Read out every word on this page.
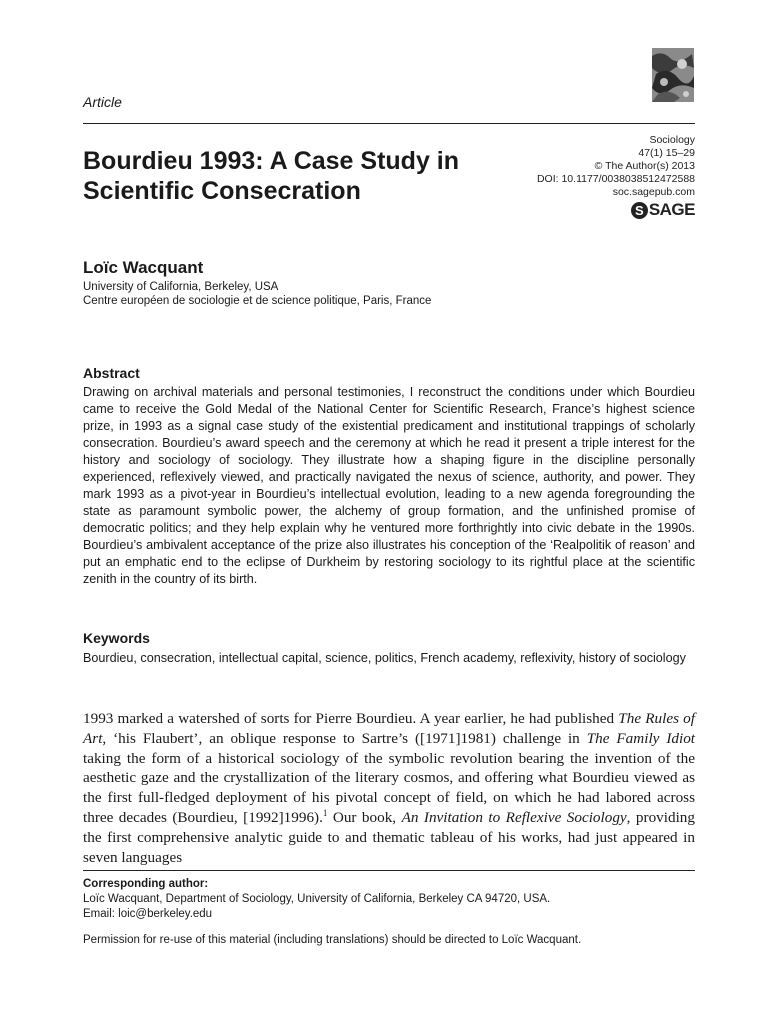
Article
Sociology
47(1) 15–29
© The Author(s) 2013
DOI: 10.1177/0038038512472588
soc.sagepub.com
S SAGE
Bourdieu 1993: A Case Study in Scientific Consecration
Loïc Wacquant
University of California, Berkeley, USA
Centre européen de sociologie et de science politique, Paris, France
Abstract
Drawing on archival materials and personal testimonies, I reconstruct the conditions under which Bourdieu came to receive the Gold Medal of the National Center for Scientific Research, France’s highest science prize, in 1993 as a signal case study of the existential predicament and institutional trappings of scholarly consecration. Bourdieu’s award speech and the ceremony at which he read it present a triple interest for the history and sociology of sociology. They illustrate how a shaping figure in the discipline personally experienced, reflexively viewed, and practically navigated the nexus of science, authority, and power. They mark 1993 as a pivot-year in Bourdieu’s intellectual evolution, leading to a new agenda foregrounding the state as paramount symbolic power, the alchemy of group formation, and the unfinished promise of democratic politics; and they help explain why he ventured more forthrightly into civic debate in the 1990s. Bourdieu’s ambivalent acceptance of the prize also illustrates his conception of the ‘Realpolitik of reason’ and put an emphatic end to the eclipse of Durkheim by restoring sociology to its rightful place at the scientific zenith in the country of its birth.
Keywords
Bourdieu, consecration, intellectual capital, science, politics, French academy, reflexivity, history of sociology
1993 marked a watershed of sorts for Pierre Bourdieu. A year earlier, he had published The Rules of Art, ‘his Flaubert’, an oblique response to Sartre’s ([1971]1981) challenge in The Family Idiot taking the form of a historical sociology of the symbolic revolution bearing the invention of the aesthetic gaze and the crystallization of the literary cosmos, and offering what Bourdieu viewed as the first full-fledged deployment of his pivotal concept of field, on which he had labored across three decades (Bourdieu, [1992]1996).$^1$ Our book, An Invitation to Reflexive Sociology, providing the first comprehensive analytic guide to and thematic tableau of his works, had just appeared in seven languages
Corresponding author:
Loïc Wacquant, Department of Sociology, University of California, Berkeley CA 94720, USA.
Email: loic@berkeley.edu
Permission for re-use of this material (including translations) should be directed to Loïc Wacquant.
